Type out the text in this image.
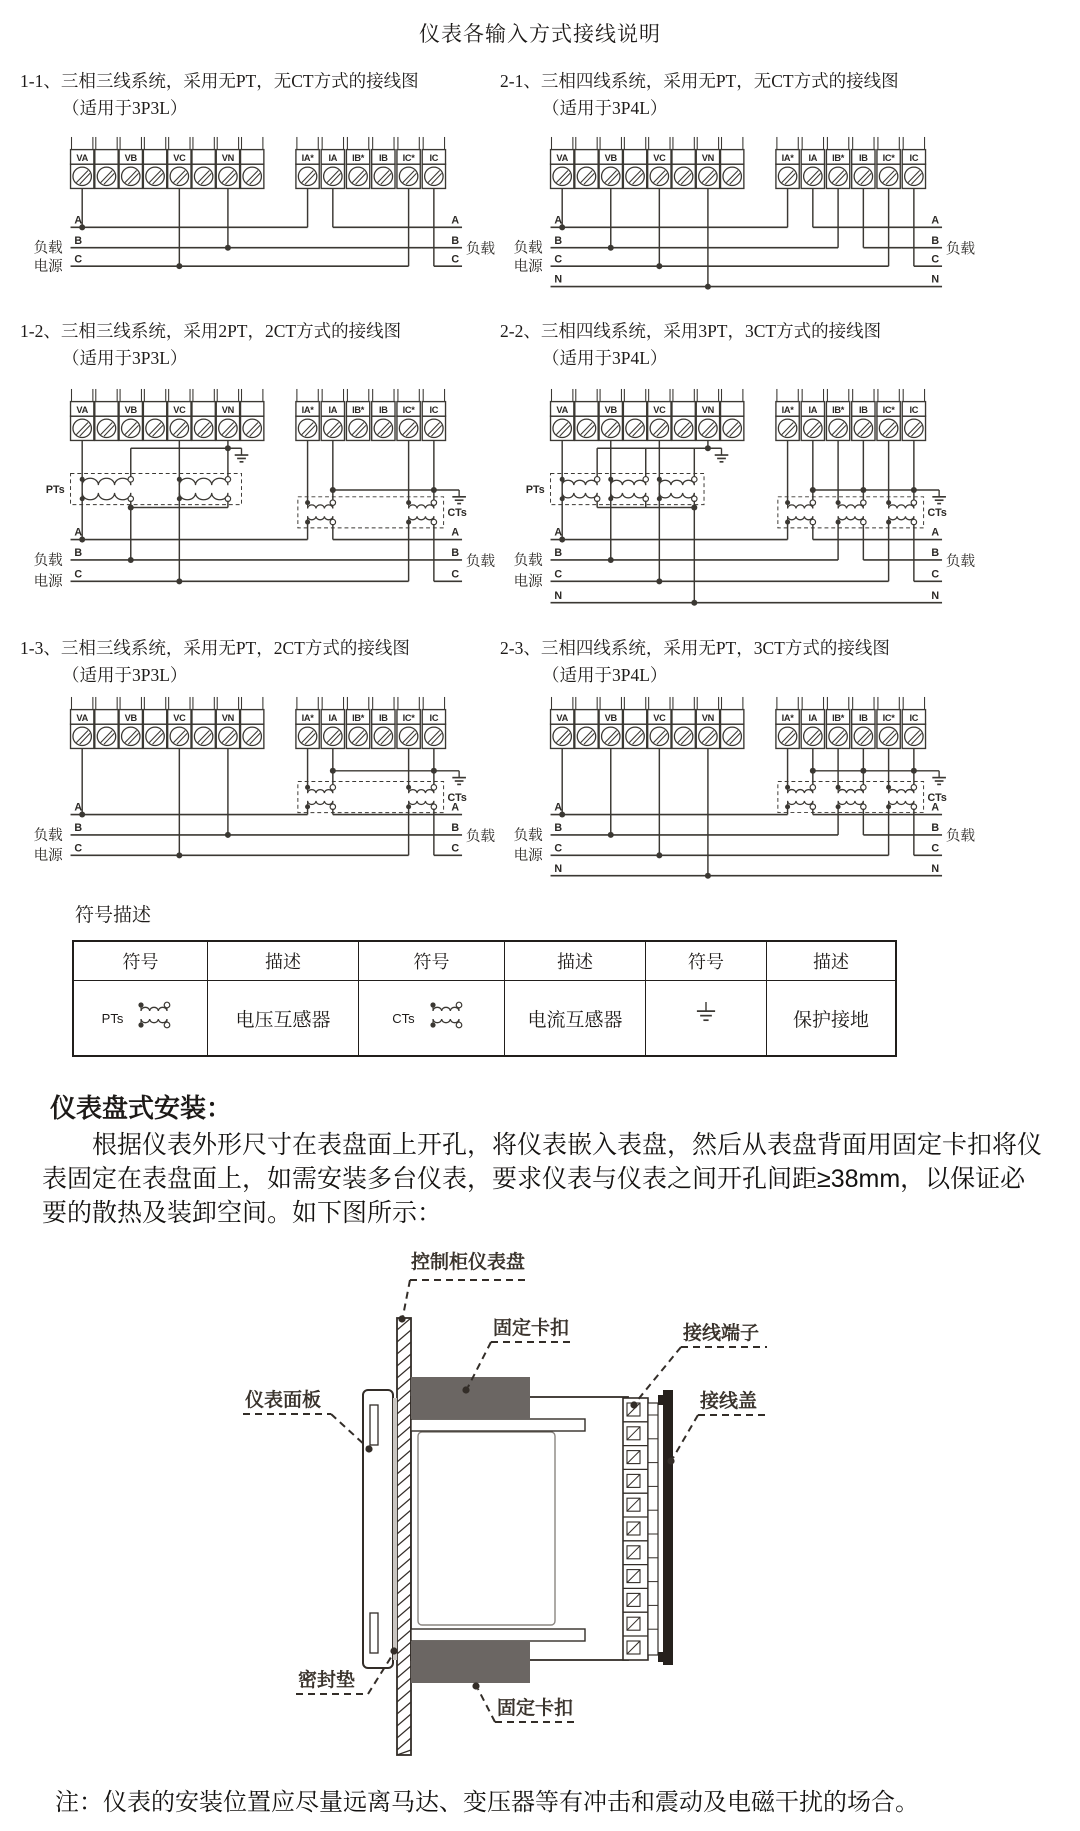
仪表各输入方式接线说明
1-1、三相三线系统，采用无PT，无CT方式的接线图
（适用于3P3L）
VA	VB	VC	VN	IA* IA IB* IB IC* IC
A	A
B	B
C	C
负载
电源
负载
2-1、三相四线系统，采用无PT，无CT方式的接线图
（适用于3P4L）
VA	VB	VC	VN	IA* IA IB* IB IC* IC
A	A
B	B
C	C
N	N
负载
电源
负载
1-2、三相三线系统，采用2PT，2CT方式的接线图
（适用于3P3L）
VA	VB	VC	VN	IA* IA IB* IB IC* IC
CTs
PTs
A	A
B	B
C	C
负载
电源
负载
2-2、三相四线系统，采用3PT，3CT方式的接线图
（适用于3P4L）
VA	VB	VC	VN	IA* IA IB* IB IC* IC
CTs
PTs
A	A
B	B
C	C
N	N
负载
电源
负载
1-3、三相三线系统，采用无PT，2CT方式的接线图
（适用于3P3L）
VA	VB	VC	VN	IA* IA IB* IB IC* IC
CTs
A	A
B	B
C	C
负载
电源
负载
2-3、三相四线系统，采用无PT，3CT方式的接线图
（适用于3P4L）
VA	VB	VC	VN	IA* IA IB* IB IC* IC
CTs
A	A
B	B
C	C
N	N
负载
电源
负载
符号描述
符号	描述	符号	描述	符号	描述

PTs	电压互感器	CTs	电流互感器		保护接地
仪表盘式安装：
根据仪表外形尺寸在表盘面上开孔，将仪表嵌入表盘，然后从表盘背面用固定卡扣将仪表固定在表盘面上，如需安装多台仪表，要求仪表与仪表之间开孔间距≥38mm，以保证必要的散热及装卸空间。如下图所示：
控制柜仪表盘
固定卡扣	接线端子
接线盖
仪表面板
密封垫
固定卡扣
注：仪表的安装位置应尽量远离马达、变压器等有冲击和震动及电磁干扰的场合。
